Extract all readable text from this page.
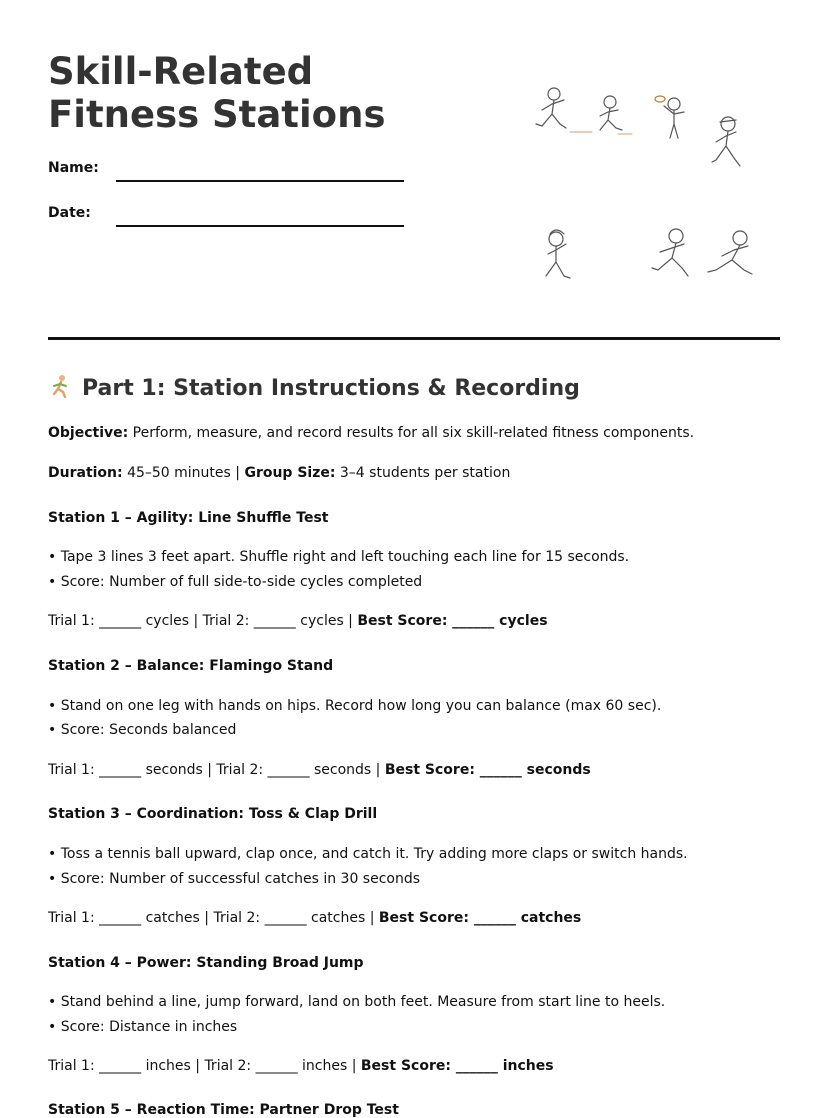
Skill-Related Fitness Stations
Name:
Date:
Part 1: Station Instructions & Recording
Objective: Perform, measure, and record results for all six skill-related fitness components.
Duration: 45–50 minutes | Group Size: 3–4 students per station
Station 1 – Agility: Line Shuffle Test
• Tape 3 lines 3 feet apart. Shuffle right and left touching each line for 15 seconds.
• Score: Number of full side-to-side cycles completed
Trial 1: ______ cycles | Trial 2: ______ cycles | Best Score: ______ cycles
Station 2 – Balance: Flamingo Stand
• Stand on one leg with hands on hips. Record how long you can balance (max 60 sec).
• Score: Seconds balanced
Trial 1: ______ seconds | Trial 2: ______ seconds | Best Score: ______ seconds
Station 3 – Coordination: Toss & Clap Drill
• Toss a tennis ball upward, clap once, and catch it. Try adding more claps or switch hands.
• Score: Number of successful catches in 30 seconds
Trial 1: ______ catches | Trial 2: ______ catches | Best Score: ______ catches
Station 4 – Power: Standing Broad Jump
• Stand behind a line, jump forward, land on both feet. Measure from start line to heels.
• Score: Distance in inches
Trial 1: ______ inches | Trial 2: ______ inches | Best Score: ______ inches
Station 5 – Reaction Time: Partner Drop Test
